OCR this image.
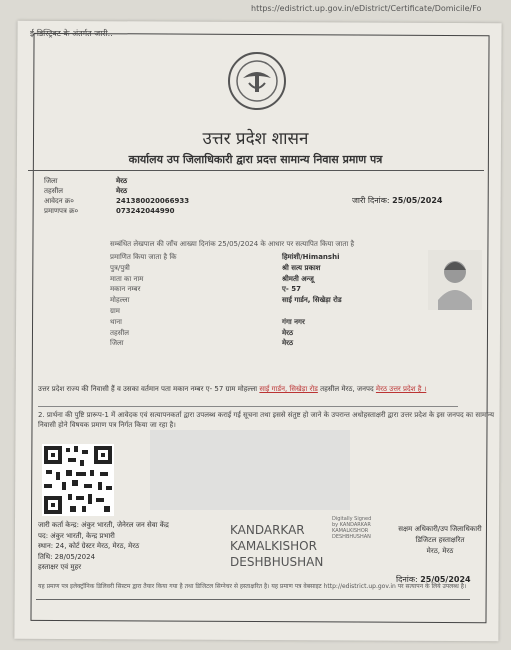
https://edistrict.up.gov.in/eDistrict/Certificate/Domicile/Fo
ई-डिस्ट्रिक्ट के अंतर्गत जारी..
उत्तर प्रदेश शासन
कार्यालय उप जिलाधिकारी द्वारा प्रदत्त सामान्य निवास प्रमाण पत्र
जिला	मेरठ
तहसील	मेरठ
आवेदन क्र०	241380020066933
प्रमाणपत्र क्र०	073242044990
जारी दिनांक: 25/05/2024
सम्बंधित लेखपाल की जाँच आख्या दिनांक 25/05/2024 के आधार पर सत्यापित किया जाता है
प्रमाणित किया जाता है कि	हिमांशी/Himanshi
पुत्र/पुत्री	श्री सत्य प्रकाश
माता का नाम	श्रीमती अन्जू
मकान नम्बर	ए- 57
मोहल्ला	साई गार्डन, सिखेड़ा रोड
ग्राम
थाना	गंगा नगर
तहसील	मेरठ
जिला	मेरठ
उत्तर प्रदेश राज्य की निवासी हैं व उसका वर्तमान पता मकान नम्बर ए- 57 ग्राम मोहल्ला साई गार्डन, सिखेड़ा रोड तहसील मेरठ, जनपद मेरठ उत्तर प्रदेश है ।
2. प्रार्थना की पुष्टि प्रारूप-1 में आवेदक एवं सत्यापनकर्ता द्वारा उपलब्ध कराई गई सूचना तथा इससे संतुष्ट हो जाने के उपरान्त अधोहस्ताक्षरी द्वारा उत्तर प्रदेश के इस जनपद का सामान्य निवासी होने विषयक प्रमाण पत्र निर्गत किया जा रहा है।
जारी कर्ता केन्द्र: अंकुर भारती, जेनेरल जन सेवा केंद्र
पद: अंकुर भारती, केन्द्र प्रभारी
स्थान: 24, कोर्ट ग्रेस्टर मेरठ, मेरठ, मेरठ
तिथि: 28/05/2024
हस्ताक्षर एवं मुहर
KANDARKAR
KAMALKISHOR
DESHBHUSHAN
Digitally Signed by KANDARKAR KAMALKISHOR DESHBHUSHAN
सक्षम अधिकारी/उप जिलाधिकारी
डिजिटल हस्ताक्षरित
मेरठ, मेरठ
दिनांक: 25/05/2024
यह प्रमाण पत्र इलेक्ट्रॉनिक डिलिवरी सिस्टम द्वारा तैयार किया गया है तथा डिजिटल सिग्नेचर से हस्ताक्षरित है। यह प्रमाण पत्र वेबसाइट http://edistrict.up.gov.in पर सत्यापन के लिये उपलब्ध है।
